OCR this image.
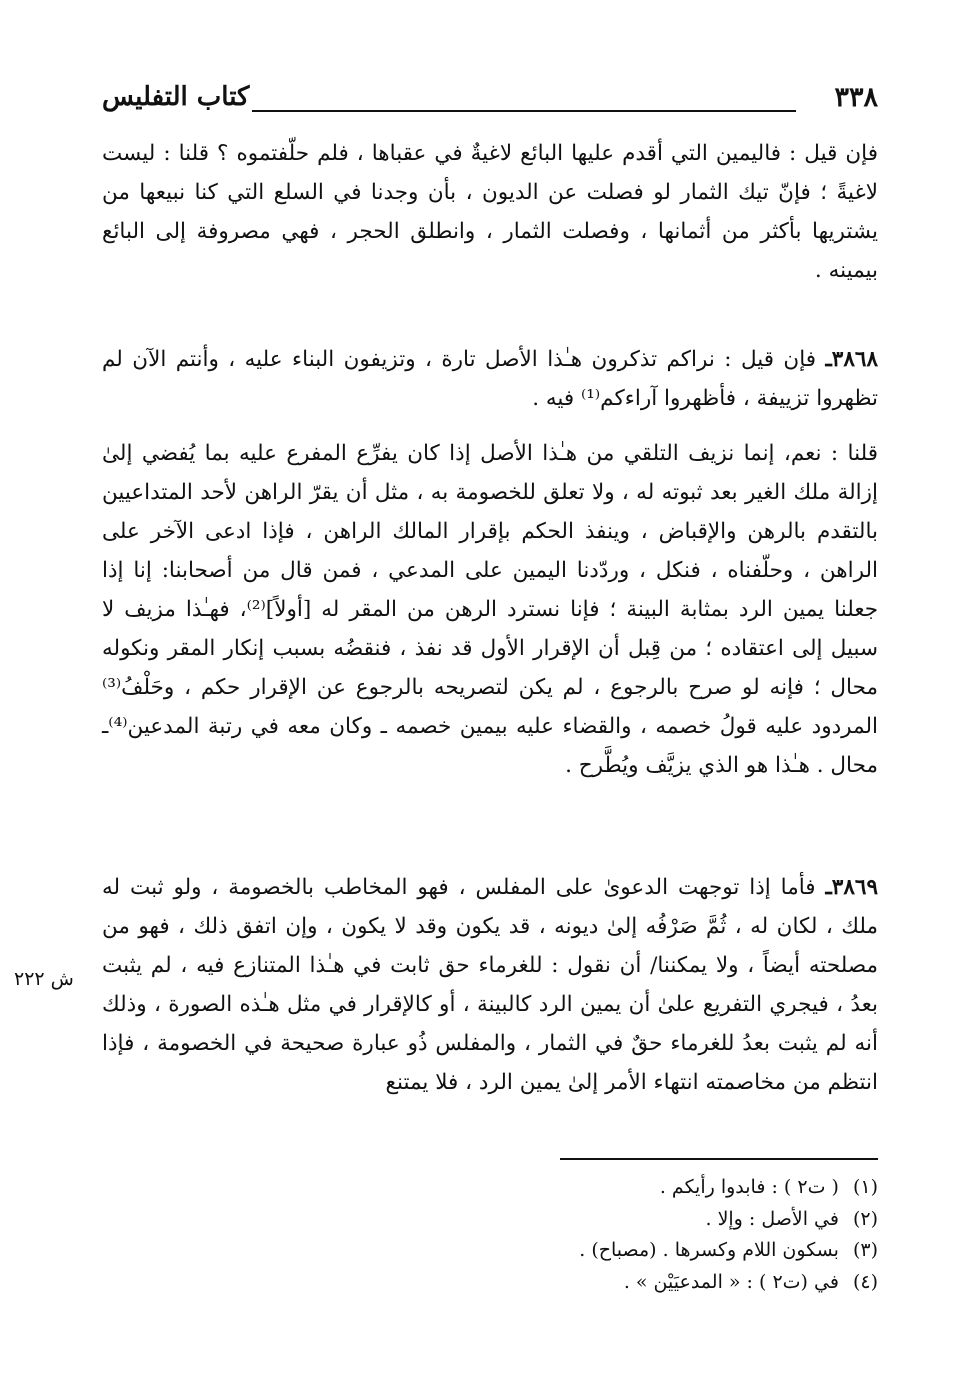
٣٣٨
كتاب التفليس

فإن قيل : فاليمين التي أقدم عليها البائع لاغيةٌ في عقباها ، فلم حلّفتموه ؟ قلنا : ليست لاغيةً ؛ فإنّ تيك الثمار لو فصلت عن الديون ، بأن وجدنا في السلع التي كنا نبيعها من يشتريها بأكثر من أثمانها ، وفصلت الثمار ، وانطلق الحجر ، فهي مصروفة إلى البائع بيمينه .

٣٨٦٨ـ فإن قيل : نراكم تذكرون هـٰذا الأصل تارة ، وتزيفون البناء عليه ، وأنتم الآن لم تظهروا تزييفة ، فأظهروا آراءكم⁽¹⁾ فيه .

قلنا : نعم، إنما نزيف التلقي من هـٰذا الأصل إذا كان يفرِّع المفرع عليه بما يُفضي إلىٰ إزالة ملك الغير بعد ثبوته له ، ولا تعلق للخصومة به ، مثل أن يقرّ الراهن لأحد المتداعيين بالتقدم بالرهن والإقباض ، وينفذ الحكم بإقرار المالك الراهن ، فإذا ادعى الآخر على الراهن ، وحلّفناه ، فنكل ، وردّدنا اليمين على المدعي ، فمن قال من أصحابنا: إنا إذا جعلنا يمين الرد بمثابة البينة ؛ فإنا نسترد الرهن من المقر له [أولاً]⁽²⁾، فهـٰذا مزيف لا سبيل إلى اعتقاده ؛ من قِبل أن الإقرار الأول قد نفذ ، فنقضُه بسبب إنكار المقر ونكوله محال ؛ فإنه لو صرح بالرجوع ، لم يكن لتصريحه بالرجوع عن الإقرار حكم ، وحَلْفُ⁽³⁾ المردود عليه قولُ خصمه ، والقضاء عليه بيمين خصمه ـ وكان معه في رتبة المدعين⁽⁴⁾ـ محال . هـٰذا هو الذي يزيَّف ويُطَّرح .

٣٨٦٩ـ فأما إذا توجهت الدعوىٰ على المفلس ، فهو المخاطب بالخصومة ، ولو ثبت له ملك ، لكان له ، ثُمَّ صَرْفُه إلىٰ ديونه ، قد يكون وقد لا يكون ، وإن اتفق ذلك ، فهو من مصلحته أيضاً ، ولا يمكننا/ أن نقول : للغرماء حق ثابت في هـٰذا المتنازع فيه ، لم يثبت بعدُ ، فيجري التفريع علىٰ أن يمين الرد كالبينة ، أو كالإقرار في مثل هـٰذه الصورة ، وذلك أنه لم يثبت بعدُ للغرماء حقٌ في الثمار ، والمفلس ذُو عبارة صحيحة في الخصومة ، فإذا انتظم من مخاصمته انتهاء الأمر إلىٰ يمين الرد ، فلا يمتنع

ش ٢٢٢
(١)( ت٢ ) : فابدوا رأيكم .
(٢)في الأصل : وإلا .
(٣)بسكون اللام وكسرها . (مصباح) .
(٤)في (ت٢ ) : « المدعيَيْن » .
